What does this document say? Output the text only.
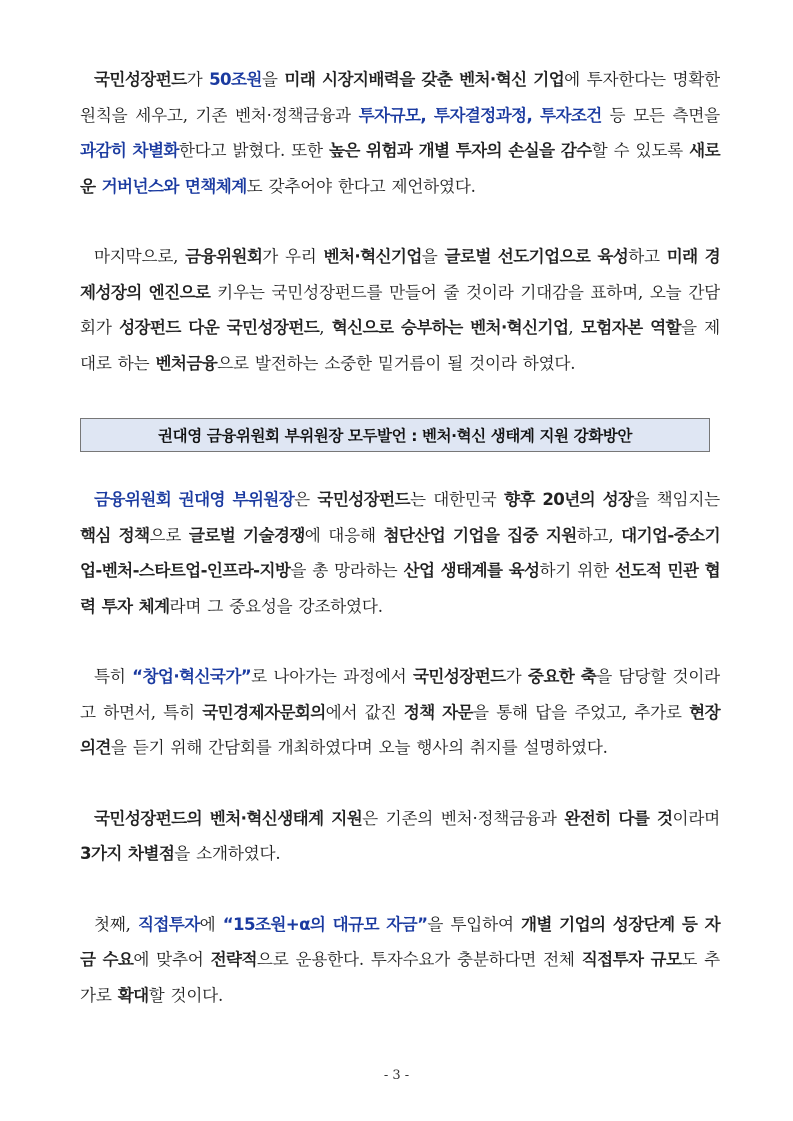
국민성장펀드가 50조원을 미래 시장지배력을 갖춘 벤처·혁신 기업에 투자한다는 명확한 원칙을 세우고, 기존 벤처·정책금융과 투자규모, 투자결정과정, 투자조건 등 모든 측면을 과감히 차별화한다고 밝혔다. 또한 높은 위험과 개별 투자의 손실을 감수할 수 있도록 새로운 거버넌스와 면책체계도 갖추어야 한다고 제언하였다.

마지막으로, 금융위원회가 우리 벤처·혁신기업을 글로벌 선도기업으로 육성하고 미래 경제성장의 엔진으로 키우는 국민성장펀드를 만들어 줄 것이라 기대감을 표하며, 오늘 간담회가 성장펀드 다운 국민성장펀드, 혁신으로 승부하는 벤처·혁신기업, 모험자본 역할을 제대로 하는 벤처금융으로 발전하는 소중한 밑거름이 될 것이라 하였다.

권대영 금융위원회 부위원장 모두발언 : 벤처·혁신 생태계 지원 강화방안

금융위원회 권대영 부위원장은 국민성장펀드는 대한민국 향후 20년의 성장을 책임지는 핵심 정책으로 글로벌 기술경쟁에 대응해 첨단산업 기업을 집중 지원하고, 대기업-중소기업-벤처-스타트업-인프라-지방을 총 망라하는 산업 생태계를 육성하기 위한 선도적 민관 협력 투자 체계라며 그 중요성을 강조하였다.

특히 “창업·혁신국가”로 나아가는 과정에서 국민성장펀드가 중요한 축을 담당할 것이라고 하면서, 특히 국민경제자문회의에서 값진 정책 자문을 통해 답을 주었고, 추가로 현장 의견을 듣기 위해 간담회를 개최하였다며 오늘 행사의 취지를 설명하였다.

국민성장펀드의 벤처·혁신생태계 지원은 기존의 벤처·정책금융과 완전히 다를 것이라며 3가지 차별점을 소개하였다.

첫째, 직접투자에 “15조원+α의 대규모 자금”을 투입하여 개별 기업의 성장단계 등 자금 수요에 맞추어 전략적으로 운용한다. 투자수요가 충분하다면 전체 직접투자 규모도 추가로 확대할 것이다.

- 3 -
